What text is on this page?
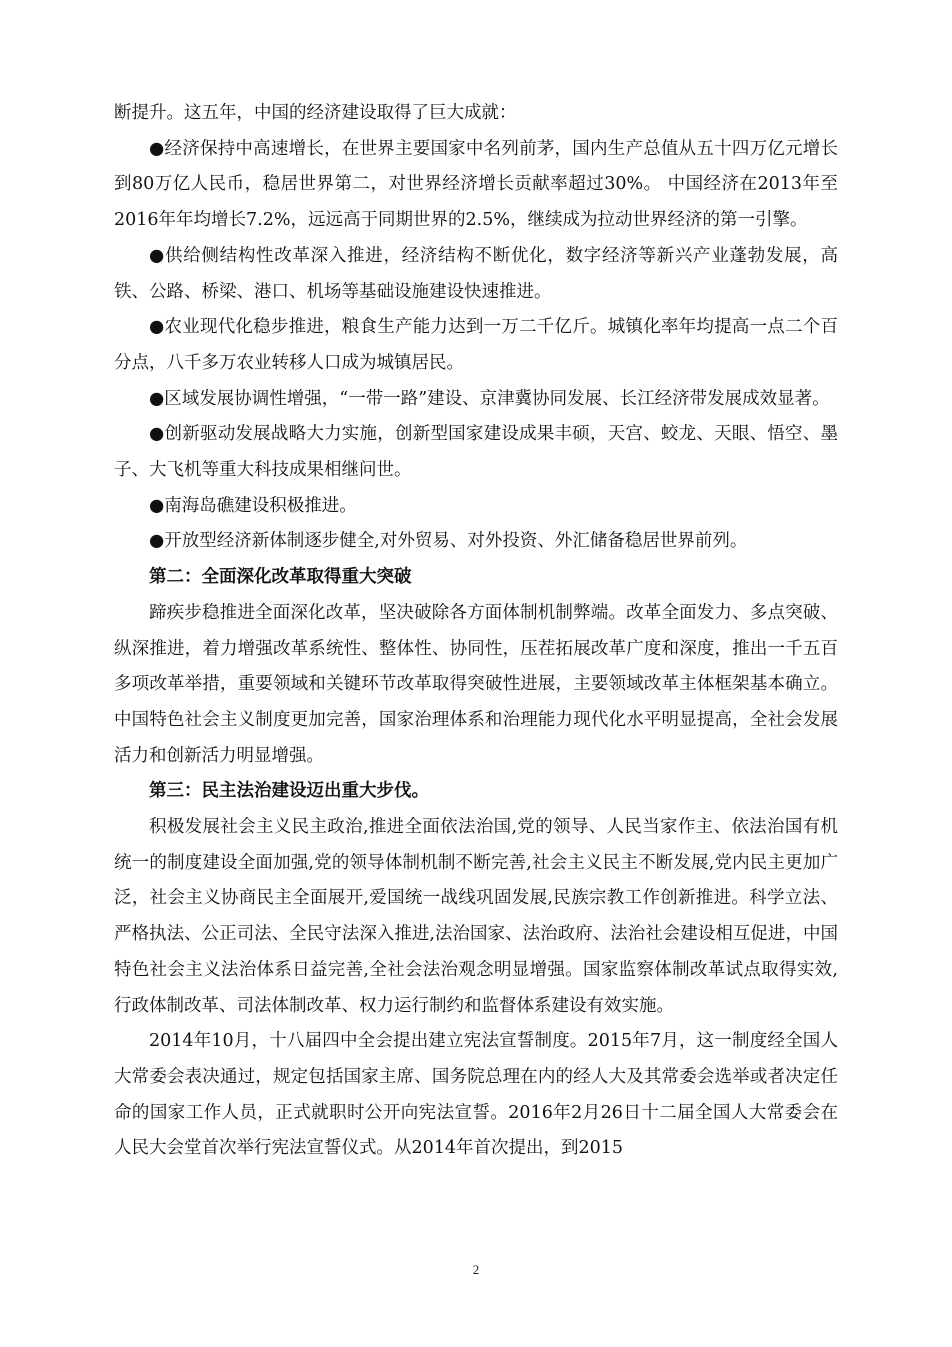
断提升。这五年，中国的经济建设取得了巨大成就：

●经济保持中高速增长，在世界主要国家中名列前茅，国内生产总值从五十四万亿元增长到80万亿人民币，稳居世界第二，对世界经济增长贡献率超过30%。 中国经济在2013年至2016年年均增长7.2%，远远高于同期世界的2.5%，继续成为拉动世界经济的第一引擎。

●供给侧结构性改革深入推进，经济结构不断优化，数字经济等新兴产业蓬勃发展，高铁、公路、桥梁、港口、机场等基础设施建设快速推进。

●农业现代化稳步推进，粮食生产能力达到一万二千亿斤。城镇化率年均提高一点二个百分点，八千多万农业转移人口成为城镇居民。

●区域发展协调性增强，“一带一路”建设、京津冀协同发展、长江经济带发展成效显著。

●创新驱动发展战略大力实施，创新型国家建设成果丰硕，天宫、蛟龙、天眼、悟空、墨子、大飞机等重大科技成果相继问世。

●南海岛礁建设积极推进。

●开放型经济新体制逐步健全,对外贸易、对外投资、外汇储备稳居世界前列。

第二：全面深化改革取得重大突破

蹄疾步稳推进全面深化改革，坚决破除各方面体制机制弊端。改革全面发力、多点突破、纵深推进，着力增强改革系统性、整体性、协同性，压茬拓展改革广度和深度，推出一千五百多项改革举措，重要领域和关键环节改革取得突破性进展，主要领域改革主体框架基本确立。中国特色社会主义制度更加完善，国家治理体系和治理能力现代化水平明显提高，全社会发展活力和创新活力明显增强。

第三：民主法治建设迈出重大步伐。

积极发展社会主义民主政治,推进全面依法治国,党的领导、人民当家作主、依法治国有机统一的制度建设全面加强,党的领导体制机制不断完善,社会主义民主不断发展,党内民主更加广泛，社会主义协商民主全面展开,爱国统一战线巩固发展,民族宗教工作创新推进。科学立法、严格执法、公正司法、全民守法深入推进,法治国家、法治政府、法治社会建设相互促进，中国特色社会主义法治体系日益完善,全社会法治观念明显增强。国家监察体制改革试点取得实效,行政体制改革、司法体制改革、权力运行制约和监督体系建设有效实施。

2014年10月，十八届四中全会提出建立宪法宣誓制度。2015年7月，这一制度经全国人大常委会表决通过，规定包括国家主席、国务院总理在内的经人大及其常委会选举或者决定任命的国家工作人员，正式就职时公开向宪法宣誓。2016年2月26日十二届全国人大常委会在人民大会堂首次举行宪法宣誓仪式。从2014年首次提出，到2015

2
